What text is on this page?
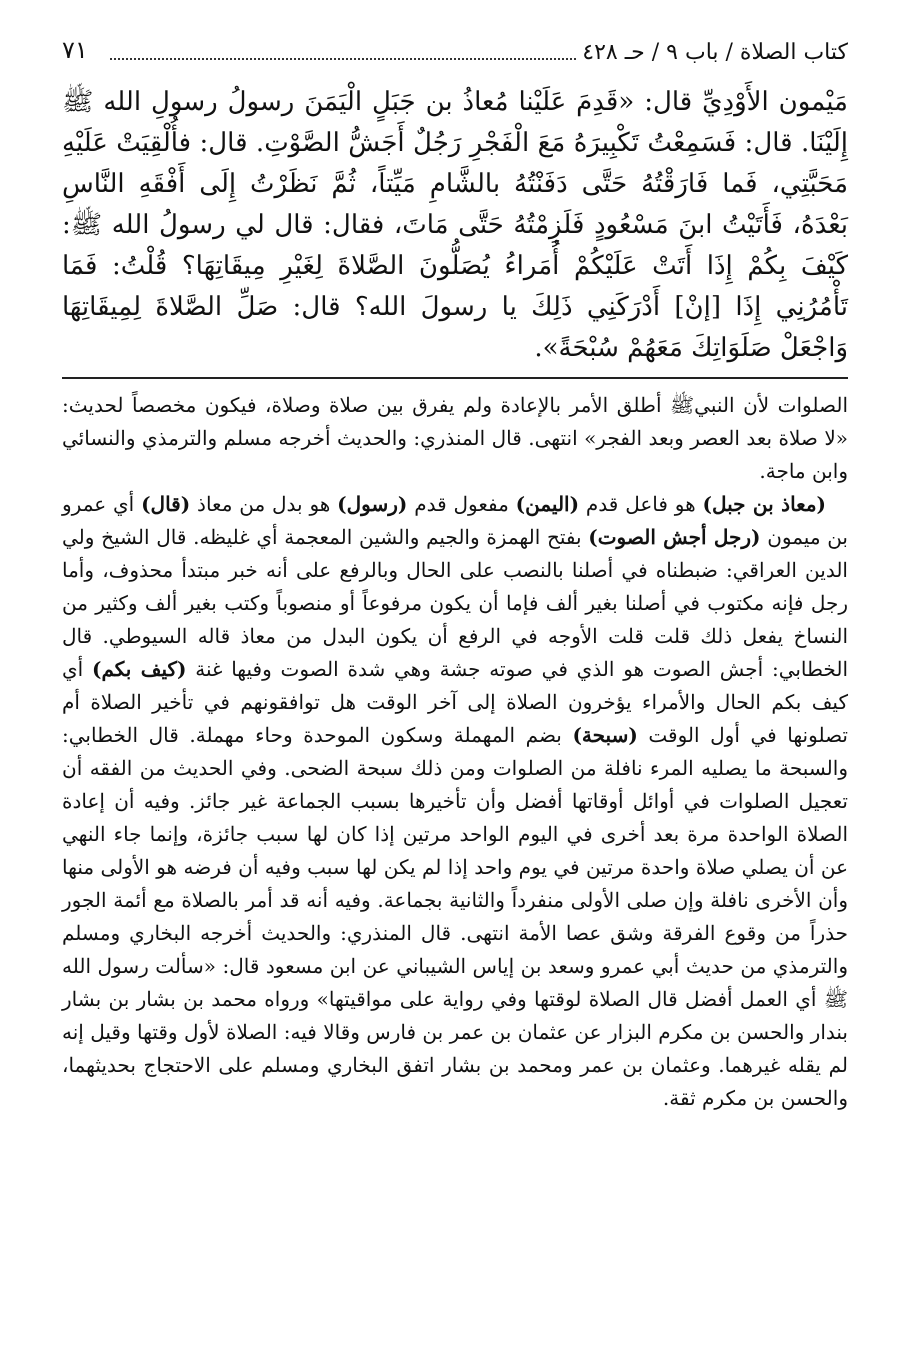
كتاب الصلاة / باب ٩ / حـ ٤٢٨
٧١

مَيْمون الأَوْدِيِّ قال: «قَدِمَ عَلَيْنا مُعاذُ بن جَبَلٍ الْيَمَنَ رسولُ رسولِ الله ﷺ إِلَيْنَا. قال: فَسَمِعْتُ تَكْبِيرَهُ مَعَ الْفَجْرِ رَجُلٌ أَجَشُّ الصَّوْتِ. قال: فأُلْقِيَتْ عَلَيْهِ مَحَبَّتِي، فَما فَارَقْتُهُ حَتَّى دَفَنْتُهُ بالشَّامِ مَيِّتاً، ثُمَّ نَظَرْتُ إِلَى أَفْقَهِ النَّاسِ بَعْدَهُ، فَأَتَيْتُ ابنَ مَسْعُودٍ فَلَزِمْتُهُ حَتَّى مَاتَ، فقال: قال لي رسولُ الله ﷺ: كَيْفَ بِكُمْ إِذَا أَتَتْ عَلَيْكُمْ أُمَراءُ يُصَلُّونَ الصَّلاةَ لِغَيْرِ مِيقَاتِهَا؟ قُلْتُ: فَمَا تَأْمُرُنِي إِذَا [إنْ] أَدْرَكَنِي ذَلِكَ يا رسولَ الله؟ قال: صَلِّ الصَّلاةَ لِمِيقَاتِهَا وَاجْعَلْ صَلَوَاتِكَ مَعَهُمْ سُبْحَةً».

الصلوات لأن النبيﷺ أطلق الأمر بالإعادة ولم يفرق بين صلاة وصلاة، فيكون مخصصاً لحديث: «لا صلاة بعد العصر وبعد الفجر» انتهى. قال المنذري: والحديث أخرجه مسلم والترمذي والنسائي وابن ماجة.

(معاذ بن جبل) هو فاعل قدم (اليمن) مفعول قدم (رسول) هو بدل من معاذ (قال) أي عمرو بن ميمون (رجل أجش الصوت) بفتح الهمزة والجيم والشين المعجمة أي غليظه. قال الشيخ ولي الدين العراقي: ضبطناه في أصلنا بالنصب على الحال وبالرفع على أنه خبر مبتدأ محذوف، وأما رجل فإنه مكتوب في أصلنا بغير ألف فإما أن يكون مرفوعاً أو منصوباً وكتب بغير ألف وكثير من النساخ يفعل ذلك قلت قلت الأوجه في الرفع أن يكون البدل من معاذ قاله السيوطي. قال الخطابي: أجش الصوت هو الذي في صوته جشة وهي شدة الصوت وفيها غنة (كيف بكم) أي كيف بكم الحال والأمراء يؤخرون الصلاة إلى آخر الوقت هل توافقونهم في تأخير الصلاة أم تصلونها في أول الوقت (سبحة) بضم المهملة وسكون الموحدة وحاء مهملة. قال الخطابي: والسبحة ما يصليه المرء نافلة من الصلوات ومن ذلك سبحة الضحى. وفي الحديث من الفقه أن تعجيل الصلوات في أوائل أوقاتها أفضل وأن تأخيرها بسبب الجماعة غير جائز. وفيه أن إعادة الصلاة الواحدة مرة بعد أخرى في اليوم الواحد مرتين إذا كان لها سبب جائزة، وإنما جاء النهي عن أن يصلي صلاة واحدة مرتين في يوم واحد إذا لم يكن لها سبب وفيه أن فرضه هو الأولى منها وأن الأخرى نافلة وإن صلى الأولى منفرداً والثانية بجماعة. وفيه أنه قد أمر بالصلاة مع أئمة الجور حذراً من وقوع الفرقة وشق عصا الأمة انتهى. قال المنذري: والحديث أخرجه البخاري ومسلم والترمذي من حديث أبي عمرو وسعد بن إياس الشيباني عن ابن مسعود قال: «سألت رسول الله ﷺ أي العمل أفضل قال الصلاة لوقتها وفي رواية على مواقيتها» ورواه محمد بن بشار بن بشار بندار والحسن بن مكرم البزار عن عثمان بن عمر بن فارس وقالا فيه: الصلاة لأول وقتها وقيل إنه لم يقله غيرهما. وعثمان بن عمر ومحمد بن بشار اتفق البخاري ومسلم على الاحتجاج بحديثهما، والحسن بن مكرم ثقة.
